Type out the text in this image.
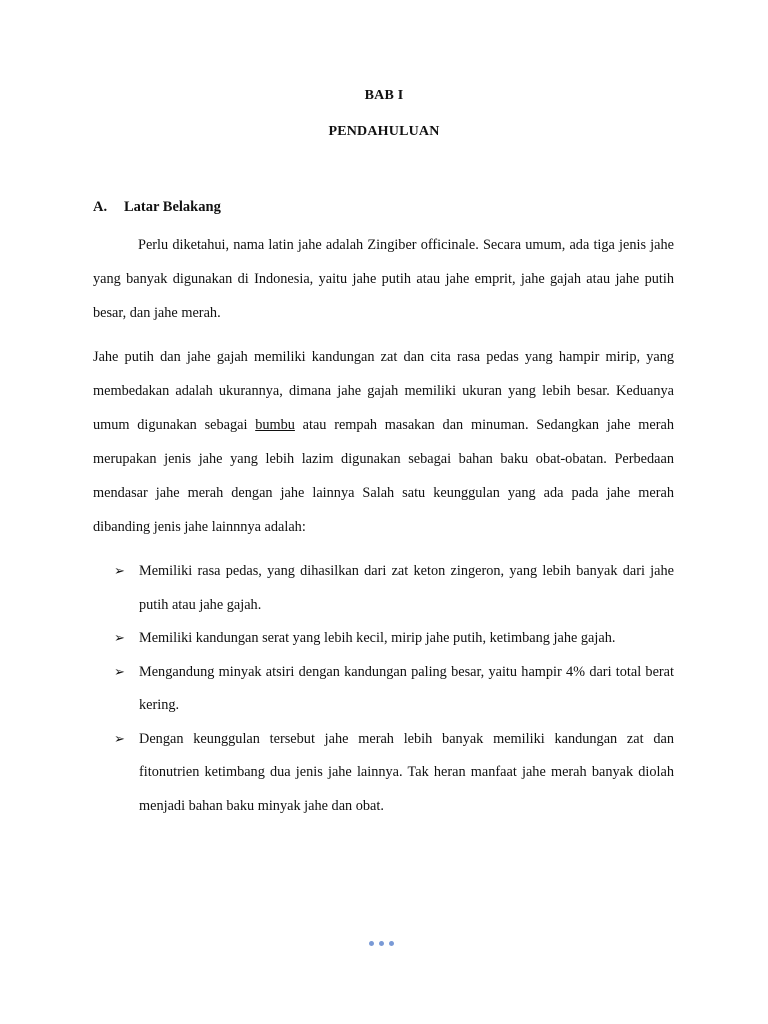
BAB I
PENDAHULUAN
A. Latar Belakang

Perlu diketahui, nama latin jahe adalah Zingiber officinale. Secara umum, ada tiga jenis jahe yang banyak digunakan di Indonesia, yaitu jahe putih atau jahe emprit, jahe gajah atau jahe putih besar, dan jahe merah.

Jahe putih dan jahe gajah memiliki kandungan zat dan cita rasa pedas yang hampir mirip, yang membedakan adalah ukurannya, dimana jahe gajah memiliki ukuran yang lebih besar. Keduanya umum digunakan sebagai bumbu atau rempah masakan dan minuman. Sedangkan jahe merah merupakan jenis jahe yang lebih lazim digunakan sebagai bahan baku obat-obatan. Perbedaan mendasar jahe merah dengan jahe lainnya Salah satu keunggulan yang ada pada jahe merah dibanding jenis jahe lainnnya adalah:

➢ Memiliki rasa pedas, yang dihasilkan dari zat keton zingeron, yang lebih banyak dari jahe putih atau jahe gajah.
➢ Memiliki kandungan serat yang lebih kecil, mirip jahe putih, ketimbang jahe gajah.
➢ Mengandung minyak atsiri dengan kandungan paling besar, yaitu hampir 4% dari total berat kering.
➢ Dengan keunggulan tersebut jahe merah lebih banyak memiliki kandungan zat dan fitonutrien ketimbang dua jenis jahe lainnya. Tak heran manfaat jahe merah banyak diolah menjadi bahan baku minyak jahe dan obat.
